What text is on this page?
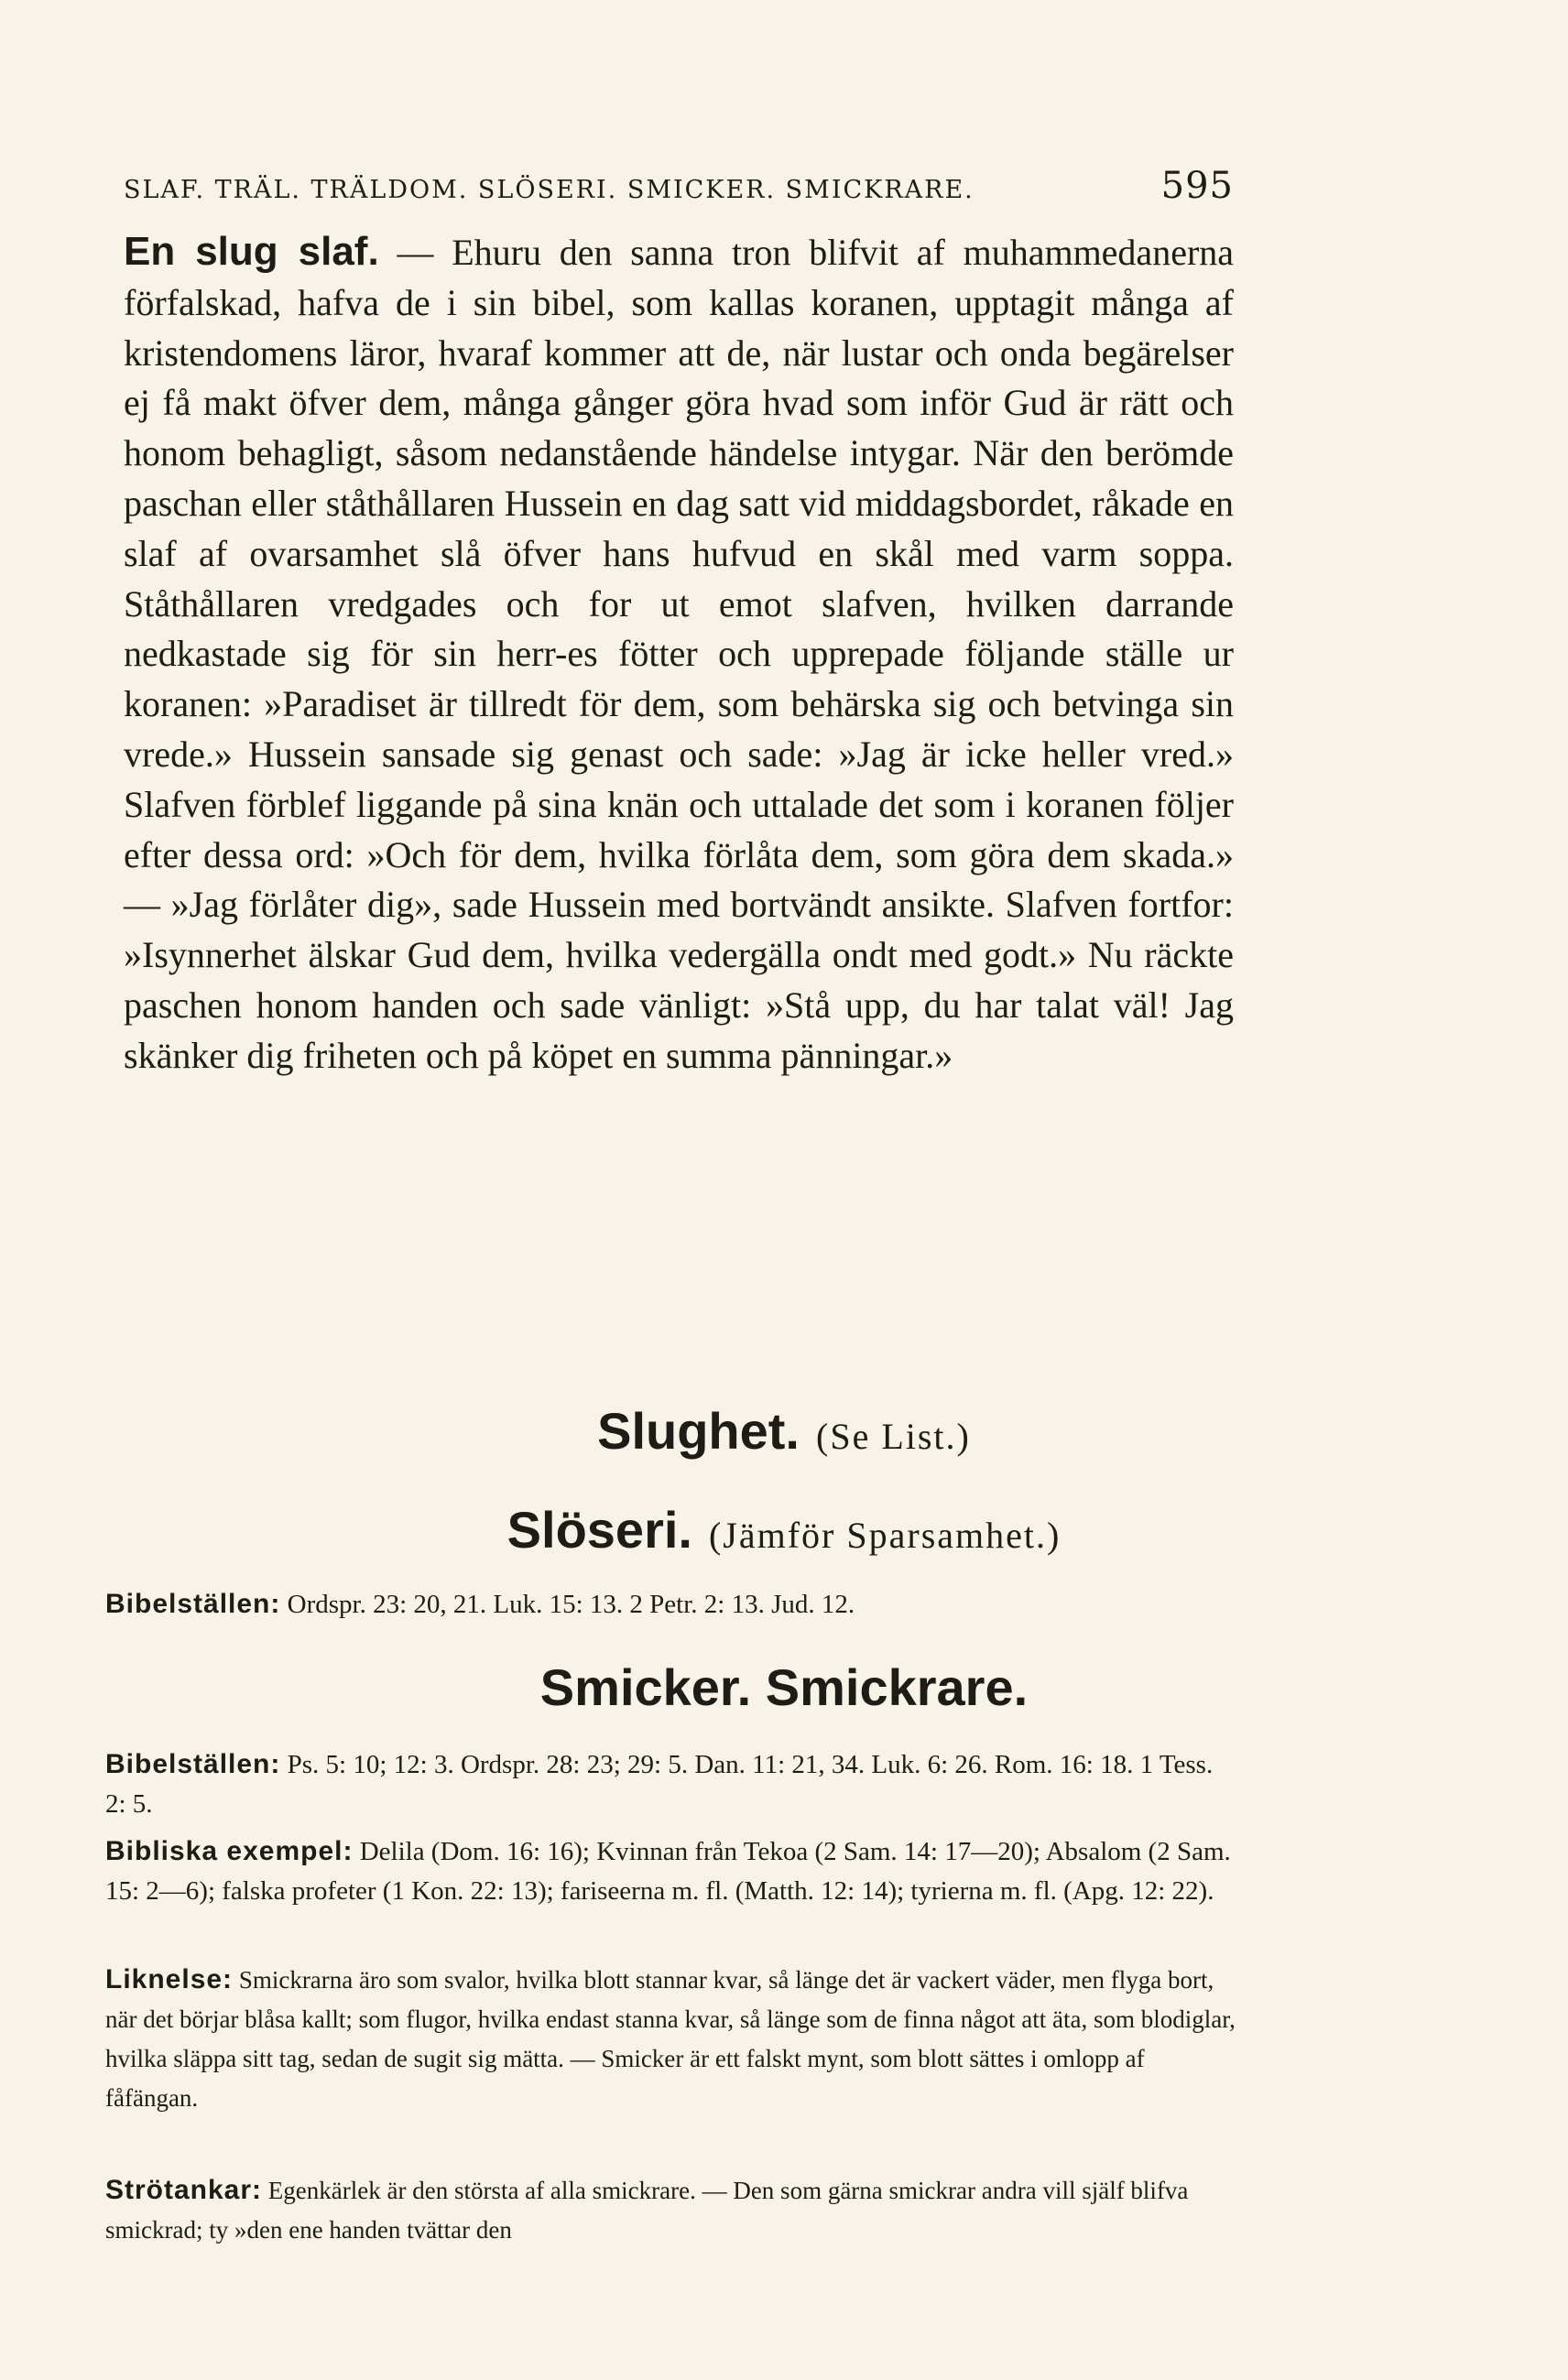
SLAF. TRÄL. TRÄLDOM. SLÖSERI. SMICKER. SMICKRARE.	595
En slug slaf. — Ehuru den sanna tron blifvit af muhammedanerna förfalskad, hafva de i sin bibel, som kallas koranen, upptagit många af kristendomens läror, hvaraf kommer att de, när lustar och onda begärelser ej få makt öfver dem, många gånger göra hvad som inför Gud är rätt och honom behagligt, såsom nedanstående händelse intygar. När den berömde paschan eller ståthållaren Hussein en dag satt vid middagsbordet, råkade en slaf af ovarsamhet slå öfver hans hufvud en skål med varm soppa. Ståthållaren vredgades och for ut emot slafven, hvilken darrande nedkastade sig för sin herr-es fötter och upprepade följande ställe ur koranen: »Paradiset är tillredt för dem, som behärska sig och betvinga sin vrede.» Hussein sansade sig genast och sade: »Jag är icke heller vred.» Slafven förblef liggande på sina knän och uttalade det som i koranen följer efter dessa ord: »Och för dem, hvilka förlåta dem, som göra dem skada.» — »Jag förlåter dig», sade Hussein med bortvändt ansikte. Slafven fortfor: »Isynnerhet älskar Gud dem, hvilka vedergälla ondt med godt.» Nu räckte paschen honom handen och sade vänligt: »Stå upp, du har talat väl! Jag skänker dig friheten och på köpet en summa pänningar.»
Slughet. (Se List.)
Slöseri. (Jämför Sparsamhet.)
Bibelställen: Ordspr. 23: 20, 21. Luk. 15: 13. 2 Petr. 2: 13. Jud. 12.
Smicker. Smickrare.
Bibelställen: Ps. 5: 10; 12: 3. Ordspr. 28: 23; 29: 5. Dan. 11: 21, 34. Luk. 6: 26. Rom. 16: 18. 1 Tess. 2: 5.
Bibliska exempel: Delila (Dom. 16: 16); Kvinnan från Tekoa (2 Sam. 14: 17—20); Absalom (2 Sam. 15: 2—6); falska profeter (1 Kon. 22: 13); fariseerna m. fl. (Matth. 12: 14); tyrierna m. fl. (Apg. 12: 22).
Liknelse: Smickrarna äro som svalor, hvilka blott stannar kvar, så länge det är vackert väder, men flyga bort, när det börjar blåsa kallt; som flugor, hvilka endast stanna kvar, så länge som de finna något att äta, som blodiglar, hvilka släppa sitt tag, sedan de sugit sig mätta. — Smicker är ett falskt mynt, som blott sättes i omlopp af fåfängan.
Strötankar: Egenkärlek är den största af alla smickrare. — Den som gärna smickrar andra vill själf blifva smickrad; ty »den ene handen tvättar den
